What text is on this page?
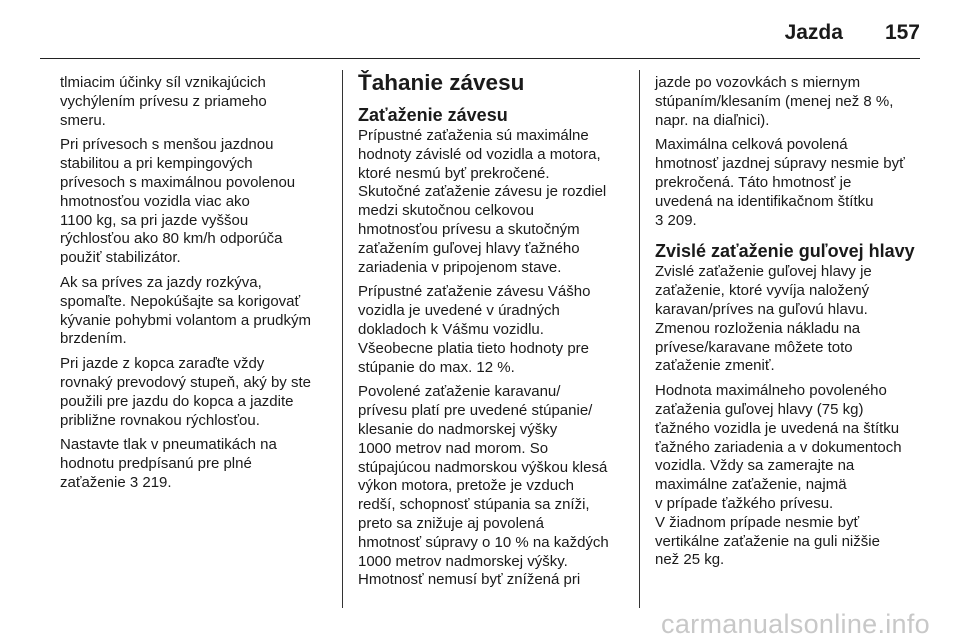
Jazda 157

tlmiacim účinky síl vznikajúcich
vychýlením prívesu z priameho
smeru.

Pri prívesoch s menšou jazdnou
stabilitou a pri kempingových
prívesoch s maximálnou povolenou
hmotnosťou vozidla viac ako
1100 kg, sa pri jazde vyššou
rýchlosťou ako 80 km/h odporúča
použiť stabilizátor.

Ak sa príves za jazdy rozkýva,
spomaľte. Nepokúšajte sa korigovať
kývanie pohybmi volantom a prudkým
brzdením.

Pri jazde z kopca zaraďte vždy
rovnaký prevodový stupeň, aký by ste
použili pre jazdu do kopca a jazdite
približne rovnakou rýchlosťou.

Nastavte tlak v pneumatikách na
hodnotu predpísanú pre plné
zaťaženie 3 219.

Ťahanie závesu
Zaťaženie závesu

Prípustné zaťaženia sú maximálne
hodnoty závislé od vozidla a motora,
ktoré nesmú byť prekročené.
Skutočné zaťaženie závesu je rozdiel
medzi skutočnou celkovou
hmotnosťou prívesu a skutočným
zaťažením guľovej hlavy ťažného
zariadenia v pripojenom stave.

Prípustné zaťaženie závesu Vášho
vozidla je uvedené v úradných
dokladoch k Vášmu vozidlu.
Všeobecne platia tieto hodnoty pre
stúpanie do max. 12 %.

Povolené zaťaženie karavanu/
prívesu platí pre uvedené stúpanie/
klesanie do nadmorskej výšky
1000 metrov nad morom. So
stúpajúcou nadmorskou výškou klesá
výkon motora, pretože je vzduch
redší, schopnosť stúpania sa zníži,
preto sa znižuje aj povolená
hmotnosť súpravy o 10 % na každých
1000 metrov nadmorskej výšky.
Hmotnosť nemusí byť znížená pri

jazde po vozovkách s miernym
stúpaním/klesaním (menej než 8 %,
napr. na diaľnici).

Maximálna celková povolená
hmotnosť jazdnej súpravy nesmie byť
prekročená. Táto hmotnosť je
uvedená na identifikačnom štítku
3 209.

Zvislé zaťaženie guľovej hlavy

Zvislé zaťaženie guľovej hlavy je
zaťaženie, ktoré vyvíja naložený
karavan/príves na guľovú hlavu.
Zmenou rozloženia nákladu na
prívese/karavane môžete toto
zaťaženie zmeniť.

Hodnota maximálneho povoleného
zaťaženia guľovej hlavy (75 kg)
ťažného vozidla je uvedená na štítku
ťažného zariadenia a v dokumentoch
vozidla. Vždy sa zamerajte na
maximálne zaťaženie, najmä
v prípade ťažkého prívesu.
V žiadnom prípade nesmie byť
vertikálne zaťaženie na guli nižšie
než 25 kg.

carmanualsonline.info
